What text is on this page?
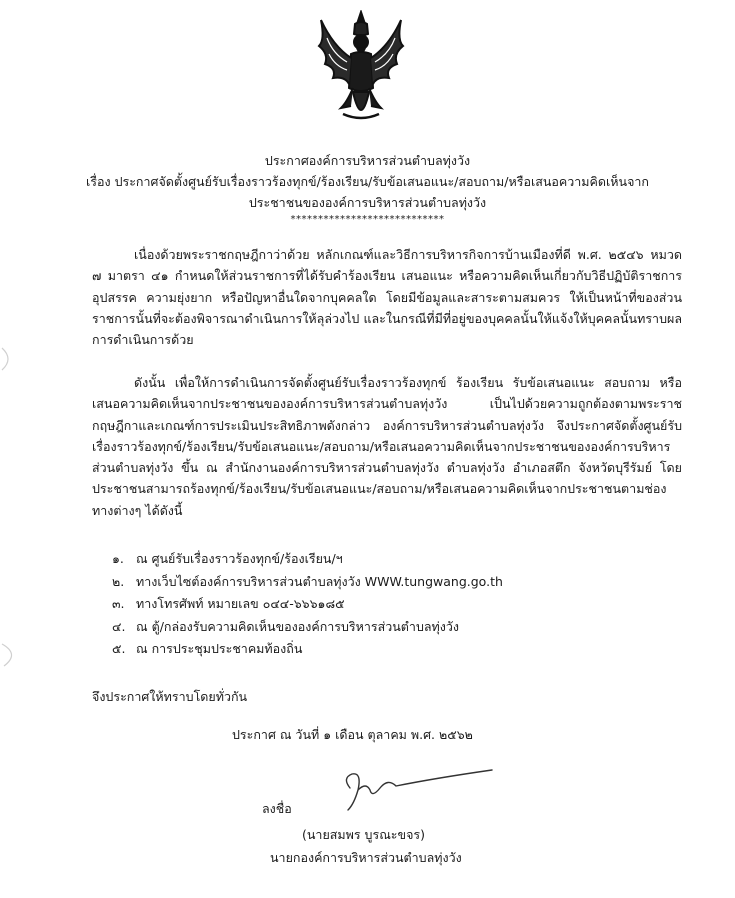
ประกาศองค์การบริหารส่วนตำบลทุ่งวัง
เรื่อง ประกาศจัดตั้งศูนย์รับเรื่องราวร้องทุกข์/ร้องเรียน/รับข้อเสนอแนะ/สอบถาม/หรือเสนอความคิดเห็นจาก
ประชาชนขององค์การบริหารส่วนตำบลทุ่งวัง
****************************
เนื่องด้วยพระราชกฤษฎีกาว่าด้วย หลักเกณฑ์และวิธีการบริหารกิจการบ้านเมืองที่ดี พ.ศ. ๒๕๔๖ หมวด ๗ มาตรา ๔๑ กำหนดให้ส่วนราชการที่ได้รับคำร้องเรียน เสนอแนะ หรือความคิดเห็นเกี่ยวกับวิธีปฏิบัติราชการ อุปสรรค ความยุ่งยาก หรือปัญหาอื่นใดจากบุคคลใด โดยมีข้อมูลและสาระตามสมควร ให้เป็นหน้าที่ของส่วนราชการนั้นที่จะต้องพิจารณาดำเนินการให้ลุล่วงไป และในกรณีที่มีที่อยู่ของบุคคลนั้นให้แจ้งให้บุคคลนั้นทราบผลการดำเนินการด้วย
ดังนั้น เพื่อให้การดำเนินการจัดตั้งศูนย์รับเรื่องราวร้องทุกข์ ร้องเรียน รับข้อเสนอแนะ สอบถาม หรือเสนอความคิดเห็นจากประชาชนขององค์การบริหารส่วนตำบลทุ่งวัง เป็นไปด้วยความถูกต้องตามพระราชกฤษฎีกาและเกณฑ์การประเมินประสิทธิภาพดังกล่าว องค์การบริหารส่วนตำบลทุ่งวัง จึงประกาศจัดตั้งศูนย์รับเรื่องราวร้องทุกข์/ร้องเรียน/รับข้อเสนอแนะ/สอบถาม/หรือเสนอความคิดเห็นจากประชาชนขององค์การบริหารส่วนตำบลทุ่งวัง ขึ้น ณ สำนักงานองค์การบริหารส่วนตำบลทุ่งวัง ตำบลทุ่งวัง อำเภอสตึก จังหวัดบุรีรัมย์ โดยประชาชนสามารถร้องทุกข์/ร้องเรียน/รับข้อเสนอแนะ/สอบถาม/หรือเสนอความคิดเห็นจากประชาชนตามช่องทางต่างๆ ได้ดังนี้
๑. ณ ศูนย์รับเรื่องราวร้องทุกข์/ร้องเรียน/ฯ
๒. ทางเว็บไซต์องค์การบริหารส่วนตำบลทุ่งวัง WWW.tungwang.go.th
๓. ทางโทรศัพท์ หมายเลข ๐๔๔-๖๖๖๑๘๕
๔. ณ ตู้/กล่องรับความคิดเห็นขององค์การบริหารส่วนตำบลทุ่งวัง
๕. ณ การประชุมประชาคมท้องถิ่น
จึงประกาศให้ทราบโดยทั่วกัน
ประกาศ ณ วันที่ ๑ เดือน ตุลาคม พ.ศ. ๒๕๖๒
ลงชื่อ
(นายสมพร บูรณะขจร)
นายกองค์การบริหารส่วนตำบลทุ่งวัง
